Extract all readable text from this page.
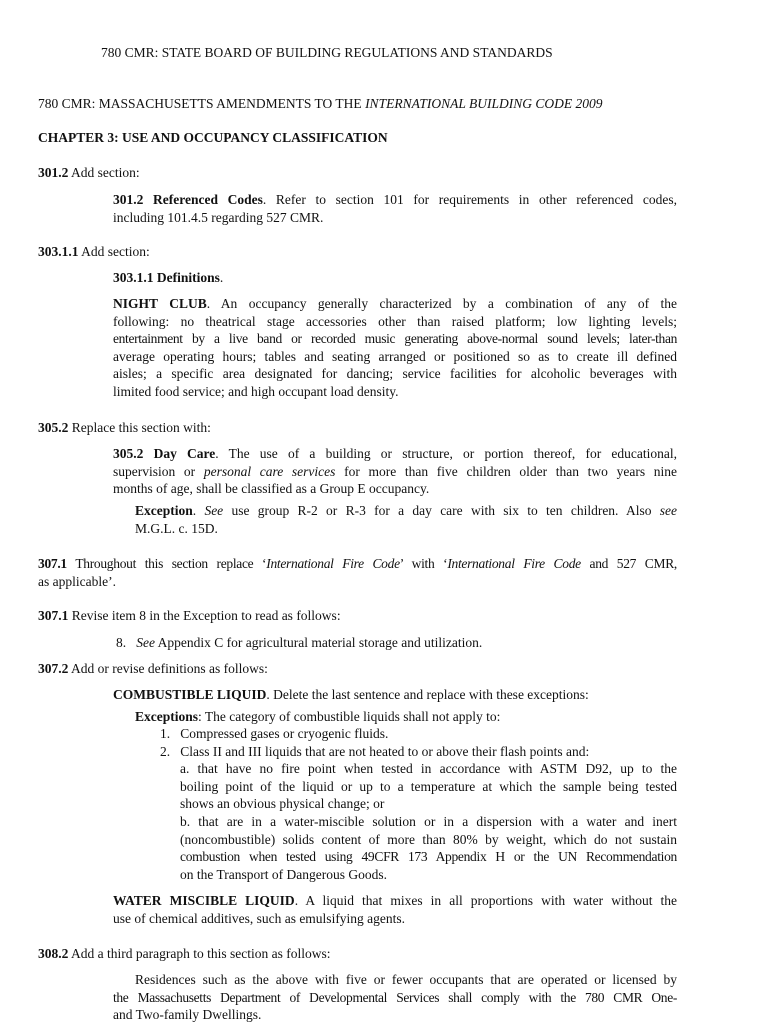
780 CMR: STATE BOARD OF BUILDING REGULATIONS AND STANDARDS

780 CMR: MASSACHUSETTS AMENDMENTS TO THE INTERNATIONAL BUILDING CODE 2009

CHAPTER 3: USE AND OCCUPANCY CLASSIFICATION

301.2 Add section:

301.2 Referenced Codes. Refer to section 101 for requirements in other referenced codes,

including 101.4.5 regarding 527 CMR.

303.1.1 Add section:

303.1.1 Definitions.

NIGHT CLUB. An occupancy generally characterized by a combination of any of the

following: no theatrical stage accessories other than raised platform; low lighting levels;

entertainment by a live band or recorded music generating above-normal sound levels; later-than

average operating hours; tables and seating arranged or positioned so as to create ill defined

aisles; a specific area designated for dancing; service facilities for alcoholic beverages with

limited food service; and high occupant load density.

305.2 Replace this section with:

305.2 Day Care. The use of a building or structure, or portion thereof, for educational,

supervision or personal care services for more than five children older than two years nine

months of age, shall be classified as a Group E occupancy.

Exception. See use group R-2 or R-3 for a day care with six to ten children. Also see

M.G.L. c. 15D.

307.1 Throughout this section replace ‘International Fire Code’ with ‘International Fire Code and 527 CMR,

as applicable’.

307.1 Revise item 8 in the Exception to read as follows:

8. See Appendix C for agricultural material storage and utilization.

307.2 Add or revise definitions as follows:

COMBUSTIBLE LIQUID. Delete the last sentence and replace with these exceptions:

Exceptions: The category of combustible liquids shall not apply to:

1. Compressed gases or cryogenic fluids.

2. Class II and III liquids that are not heated to or above their flash points and:

a. that have no fire point when tested in accordance with ASTM D92, up to the

boiling point of the liquid or up to a temperature at which the sample being tested

shows an obvious physical change; or

b. that are in a water-miscible solution or in a dispersion with a water and inert

(noncombustible) solids content of more than 80% by weight, which do not sustain

combustion when tested using 49CFR 173 Appendix H or the UN Recommendation

on the Transport of Dangerous Goods.

WATER MISCIBLE LIQUID. A liquid that mixes in all proportions with water without the

use of chemical additives, such as emulsifying agents.

308.2 Add a third paragraph to this section as follows:

Residences such as the above with five or fewer occupants that are operated or licensed by

the Massachusetts Department of Developmental Services shall comply with the 780 CMR One-

and Two-family Dwellings.
